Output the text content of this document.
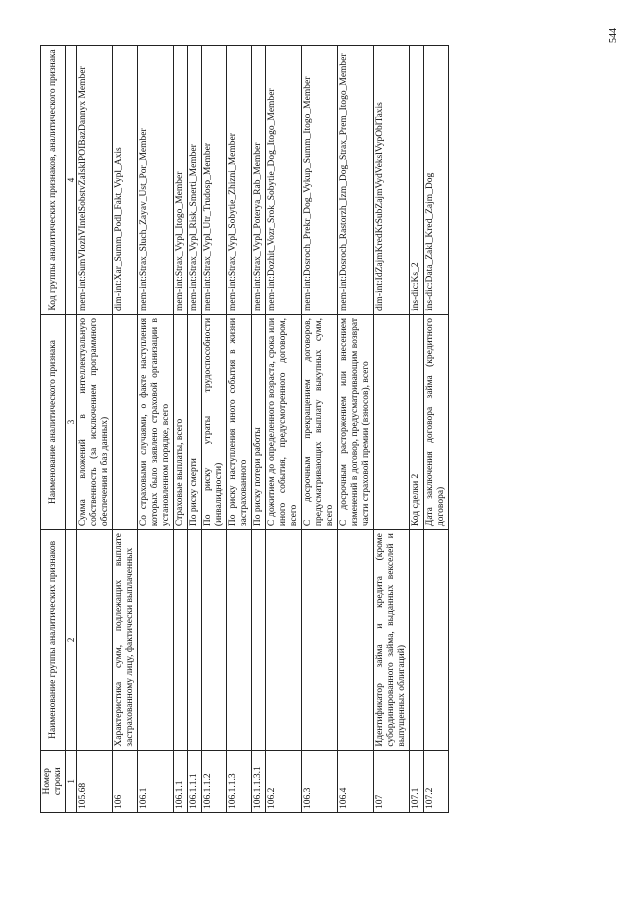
Номер строки	Наименование группы аналитических признаков	Наименование аналитического признака	Код группы аналитических признаков, аналитического признака
1	2	3	4
105.68		Сумма вложений в интеллектуальную собственность (за исключением программного обеспечения и баз данных)	mem-int:SumVlozhVIntelSobstvZaIsklPOIBazDannyx Member
106	Характеристика сумм, подлежащих выплате застрахованному лицу, фактически выплаченных		dim-int:Xar_Summ_Podl_Fakt_Vypl_Axis
106.1		Со страховыми случаями, о факте наступления которых было заявлено страховой организации в установленном порядке, всего	mem-int:Strax_Sluch_Zayav_Ust_Por_Member
106.1.1		Страховые выплаты, всего	mem-int:Strax_Vypl_Itogo_Member
106.1.1.1		По риску смерти	mem-int:Strax_Vypl_Risk_Smerti_Member
106.1.1.2		По риску утраты трудоспособности (инвалидности)	mem-int:Strax_Vypl_Utr_Trudosp_Member
106.1.1.3		По риску наступления иного события в жизни застрахованного	mem-int:Strax_Vypl_Sobytie_Zhizni_Member
106.1.1.3.1		По риску потери работы	mem-int:Strax_Vypl_Poterya_Rab_Member
106.2		С дожитием до определенного возраста, срока или иного события, предусмотренного договором, всего	mem-int:Dozhit_Vozr_Srok_Sobytie_Dog_Itogo_Member
106.3		С досрочным прекращением договоров, предусматривающих выплату выкупных сумм, всего	mem-int:Dosroch_Prekr_Dog_Vykup_Summ_Itogo_Member
106.4		С досрочным расторжением или внесением изменений в договор, предусматривающим возврат части страховой премии (взносов), всего	mem-int:Dosroch_Rastorzh_Izm_Dog_Strax_Prem_Itogo_Member
107	Идентификатор займа и кредита (кроме субординированного займа, выданных векселей и выпущенных облигаций)		dim-int:IdZajmKredKrSubZajmVydVekslVypOblTaxis
107.1		Код сделки 2	ins-dic:Ks_2
107.2		Дата заключения договора займа (кредитного договора)	ins-dic:Data_Zakl_Kred_Zajm_Dog
544
